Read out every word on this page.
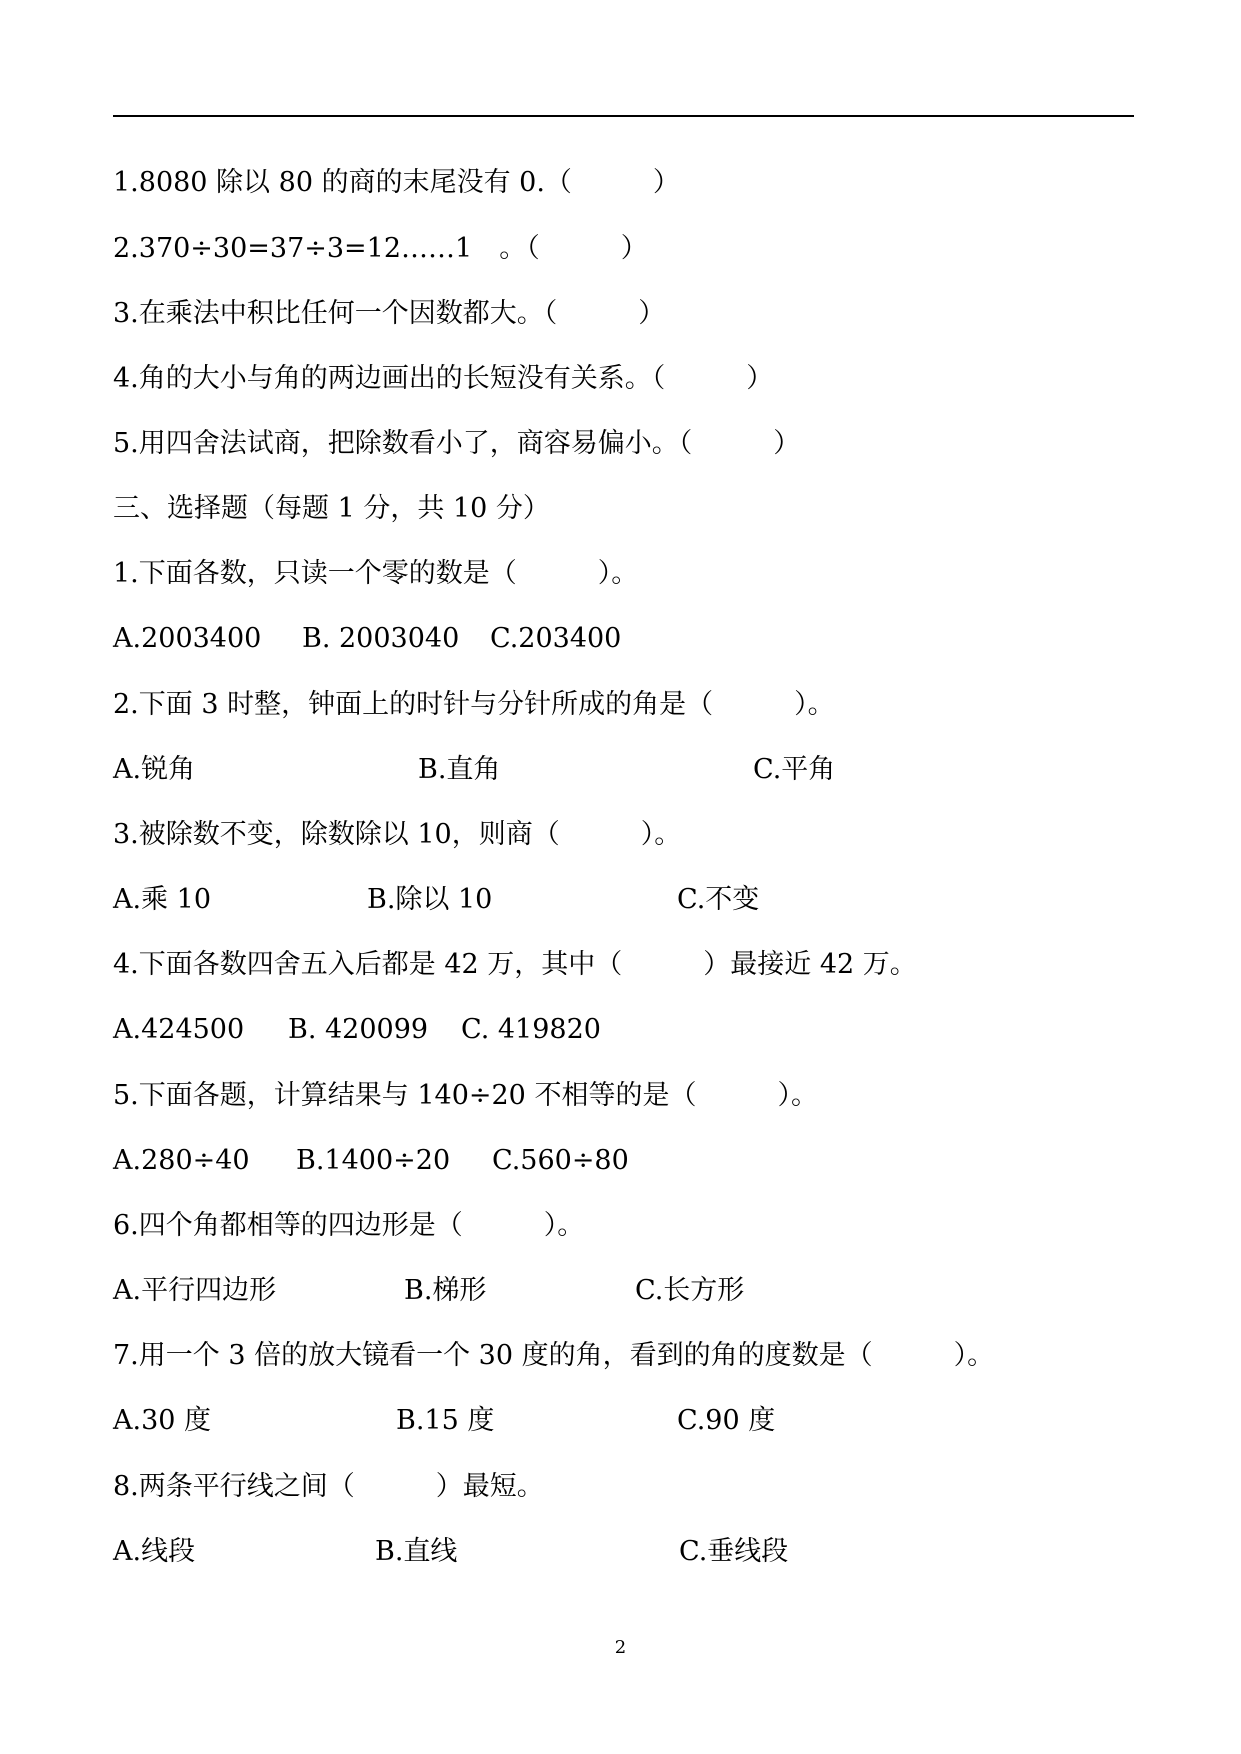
1.8080 除以 80 的商的末尾没有 0.（　　　）
2.370÷30=37÷3=12……1　。（　　　）
3.在乘法中积比任何一个因数都大。（　　　）
4.角的大小与角的两边画出的长短没有关系。（　　　）
5.用四舍法试商，把除数看小了，商容易偏小。（　　　）
三、选择题（每题 1 分，共 10 分）
1.下面各数，只读一个零的数是（　　　）。
A.2003400 B. 2003040 C.203400
2.下面 3 时整，钟面上的时针与分针所成的角是（　　　）。
A.锐角	B.直角	C.平角
3.被除数不变，除数除以 10，则商（　　　）。
A.乘 10	B.除以 10	C.不变
4.下面各数四舍五入后都是 42 万，其中（　　　）最接近 42 万。
A.424500 B. 420099 C. 419820
5.下面各题，计算结果与 140÷20 不相等的是（　　　）。
A.280÷40 B.1400÷20 C.560÷80
6.四个角都相等的四边形是（　　　）。
A.平行四边形	B.梯形	C.长方形
7.用一个 3 倍的放大镜看一个 30 度的角，看到的角的度数是（　　　）。
A.30 度	B.15 度	C.90 度
8.两条平行线之间（　　　）最短。
A.线段	B.直线	C.垂线段
2
